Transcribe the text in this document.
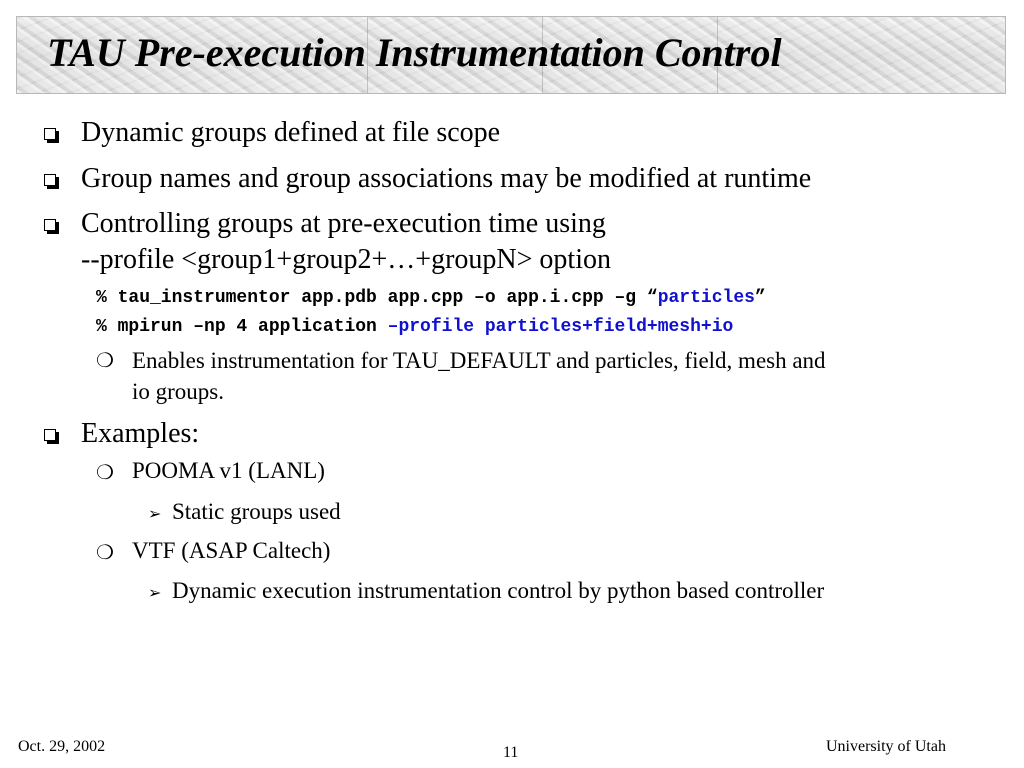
TAU Pre-execution Instrumentation Control
Dynamic groups defined at file scope
Group names and group associations may be modified at runtime
Controlling groups at pre-execution time using
--profile <group1+group2+…+groupN> option
% tau_instrumentor app.pdb app.cpp –o app.i.cpp –g “particles”
% mpirun –np 4 application –profile particles+field+mesh+io
❍ Enables instrumentation for TAU_DEFAULT and particles, field, mesh and
io groups.
Examples:
❍ POOMA v1 (LANL)
➢ Static groups used
❍ VTF (ASAP Caltech)
➢ Dynamic execution instrumentation control by python based controller
Oct. 29, 2002	11	University of Utah
